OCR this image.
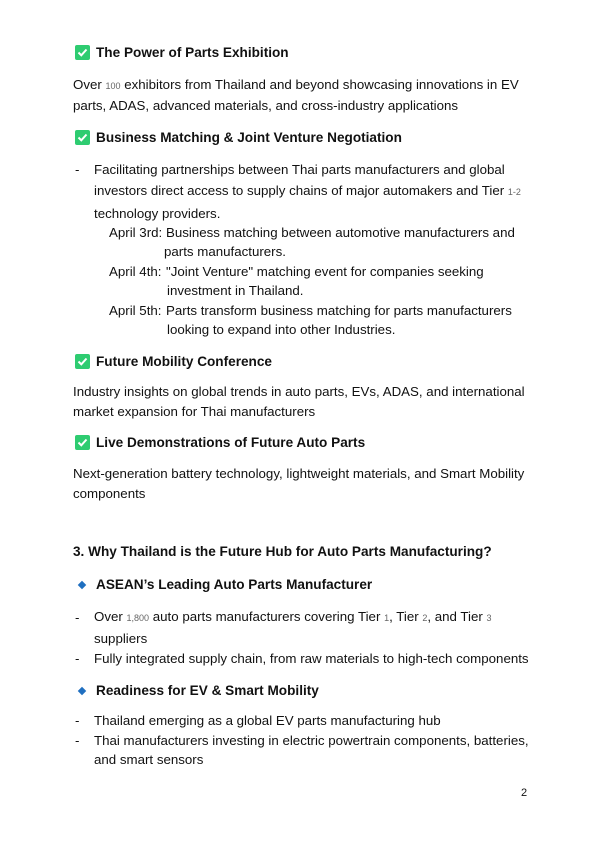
The Power of Parts Exhibition
Over 100 exhibitors from Thailand and beyond showcasing innovations in EV
parts, ADAS, advanced materials, and cross-industry applications
Business Matching & Joint Venture Negotiation
- Facilitating partnerships between Thai parts manufacturers and global
investors direct access to supply chains of major automakers and Tier 1-2
technology providers.
April 3rd: Business matching between automotive manufacturers and
parts manufacturers.
April 4th: "Joint Venture" matching event for companies seeking
investment in Thailand.
April 5th: Parts transform business matching for parts manufacturers
looking to expand into other Industries.
Future Mobility Conference
Industry insights on global trends in auto parts, EVs, ADAS, and international
market expansion for Thai manufacturers
Live Demonstrations of Future Auto Parts
Next-generation battery technology, lightweight materials, and Smart Mobility
components
3. Why Thailand is the Future Hub for Auto Parts Manufacturing?
ASEAN’s Leading Auto Parts Manufacturer
- Over 1,800 auto parts manufacturers covering Tier 1, Tier 2, and Tier 3
suppliers
- Fully integrated supply chain, from raw materials to high-tech components
Readiness for EV & Smart Mobility
- Thailand emerging as a global EV parts manufacturing hub
- Thai manufacturers investing in electric powertrain components, batteries,
and smart sensors
2
